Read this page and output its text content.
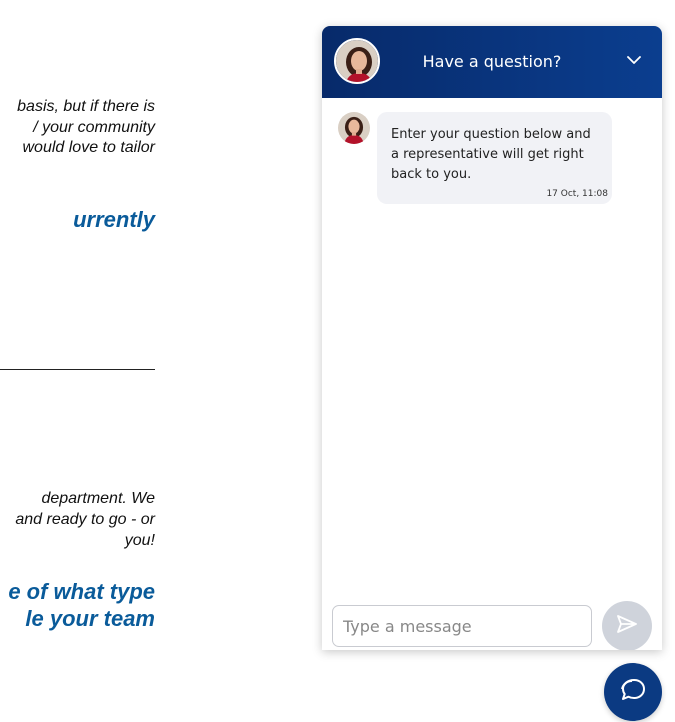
basis, but if there is
/ your community
would love to tailor
urrently
department. We
and ready to go - or
you!
e of what type
le your team
Have a question?
Enter your question below and a representative will get right back to you.
17 Oct, 11:08
Type a message
